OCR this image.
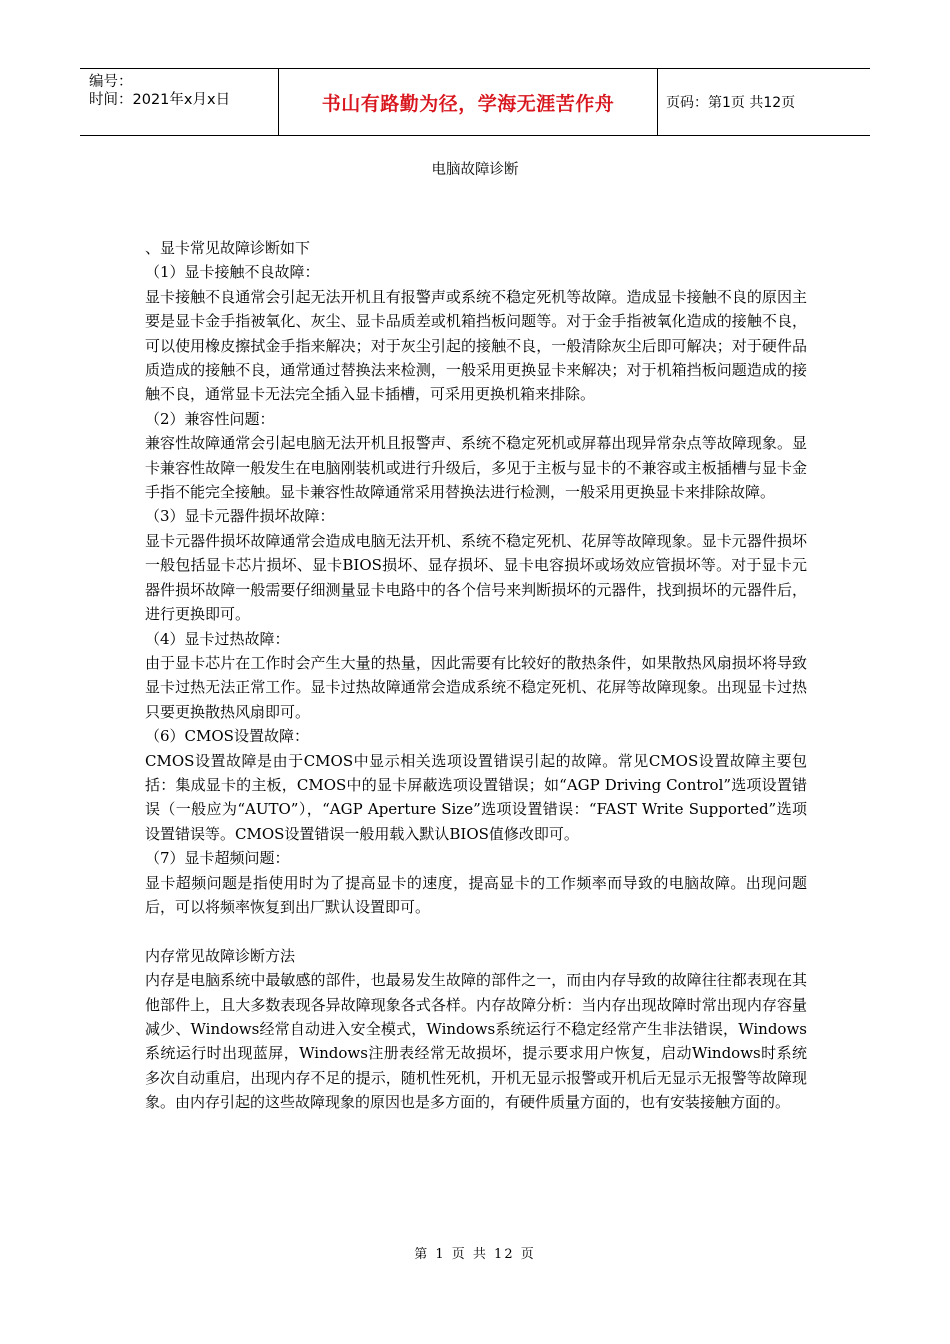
编号：
时间：2021年x月x日	书山有路勤为径，学海无涯苦作舟	页码：第1页 共12页
电脑故障诊断

、显卡常见故障诊断如下

（1）显卡接触不良故障：

显卡接触不良通常会引起无法开机且有报警声或系统不稳定死机等故障。造成显卡接触不良的原因主要是显卡金手指被氧化、灰尘、显卡品质差或机箱挡板问题等。对于金手指被氧化造成的接触不良，可以使用橡皮擦拭金手指来解决；对于灰尘引起的接触不良，一般清除灰尘后即可解决；对于硬件品质造成的接触不良，通常通过替换法来检测，一般采用更换显卡来解决；对于机箱挡板问题造成的接触不良，通常显卡无法完全插入显卡插槽，可采用更换机箱来排除。

（2）兼容性问题：

兼容性故障通常会引起电脑无法开机且报警声、系统不稳定死机或屏幕出现异常杂点等故障现象。显卡兼容性故障一般发生在电脑刚装机或进行升级后，多见于主板与显卡的不兼容或主板插槽与显卡金手指不能完全接触。显卡兼容性故障通常采用替换法进行检测，一般采用更换显卡来排除故障。

（3）显卡元器件损坏故障：

显卡元器件损坏故障通常会造成电脑无法开机、系统不稳定死机、花屏等故障现象。显卡元器件损坏一般包括显卡芯片损坏、显卡BIOS损坏、显存损坏、显卡电容损坏或场效应管损坏等。对于显卡元器件损坏故障一般需要仔细测量显卡电路中的各个信号来判断损坏的元器件，找到损坏的元器件后，进行更换即可。

（4）显卡过热故障：

由于显卡芯片在工作时会产生大量的热量，因此需要有比较好的散热条件，如果散热风扇损坏将导致显卡过热无法正常工作。显卡过热故障通常会造成系统不稳定死机、花屏等故障现象。出现显卡过热只要更换散热风扇即可。

（6）CMOS设置故障：

CMOS设置故障是由于CMOS中显示相关选项设置错误引起的故障。常见CMOS设置故障主要包括：集成显卡的主板，CMOS中的显卡屏蔽选项设置错误；如“AGP Driving Control”选项设置错误（一般应为“AUTO”），“AGP Aperture Size”选项设置错误：“FAST Write Supported”选项设置错误等。CMOS设置错误一般用载入默认BIOS值修改即可。

（7）显卡超频问题：

显卡超频问题是指使用时为了提高显卡的速度，提高显卡的工作频率而导致的电脑故障。出现问题后，可以将频率恢复到出厂默认设置即可。

内存常见故障诊断方法

内存是电脑系统中最敏感的部件，也最易发生故障的部件之一，而由内存导致的故障往往都表现在其他部件上，且大多数表现各异故障现象各式各样。内存故障分析：当内存出现故障时常出现内存容量减少、Windows经常自动进入安全模式，Windows系统运行不稳定经常产生非法错误，Windows系统运行时出现蓝屏，Windows注册表经常无故损坏，提示要求用户恢复，启动Windows时系统多次自动重启，出现内存不足的提示，随机性死机，开机无显示报警或开机后无显示无报警等故障现象。由内存引起的这些故障现象的原因也是多方面的，有硬件质量方面的，也有安装接触方面的。

第 1 页 共 12 页
